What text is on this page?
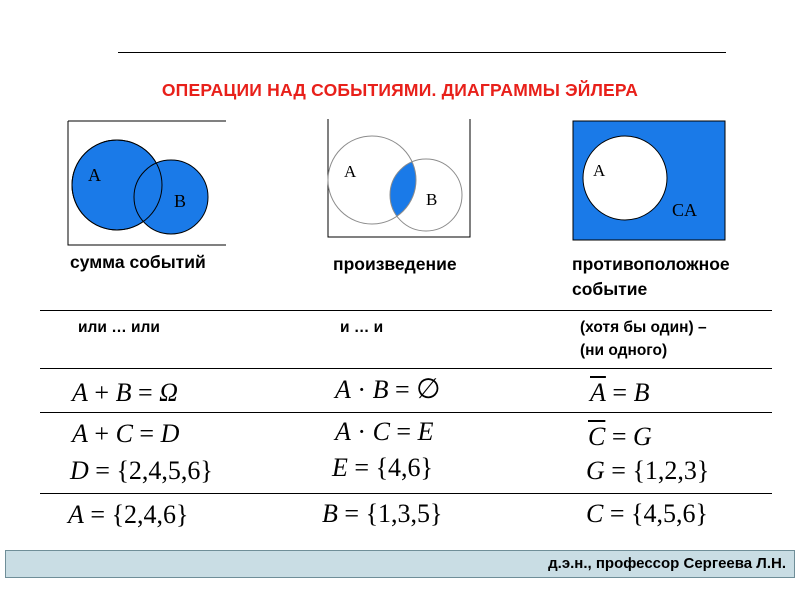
ОПЕРАЦИИ НАД СОБЫТИЯМИ. ДИАГРАММЫ ЭЙЛЕРА
A
B
A
B
A
CA
сумма событий	произведение	противоположное
событие
или … или	и … и	(хотя бы один) –
(ни одного)
A + B = Ω	A · B = ∅	$\overline{A} = B$
A + C = D	A · C = E	$\overline{C} = G$
D = {2,4,5,6}	E = {4,6}	G = {1,2,3}
A = {2,4,6}	B = {1,3,5}	C = {4,5,6}
д.э.н., профессор Сергеева Л.Н.
